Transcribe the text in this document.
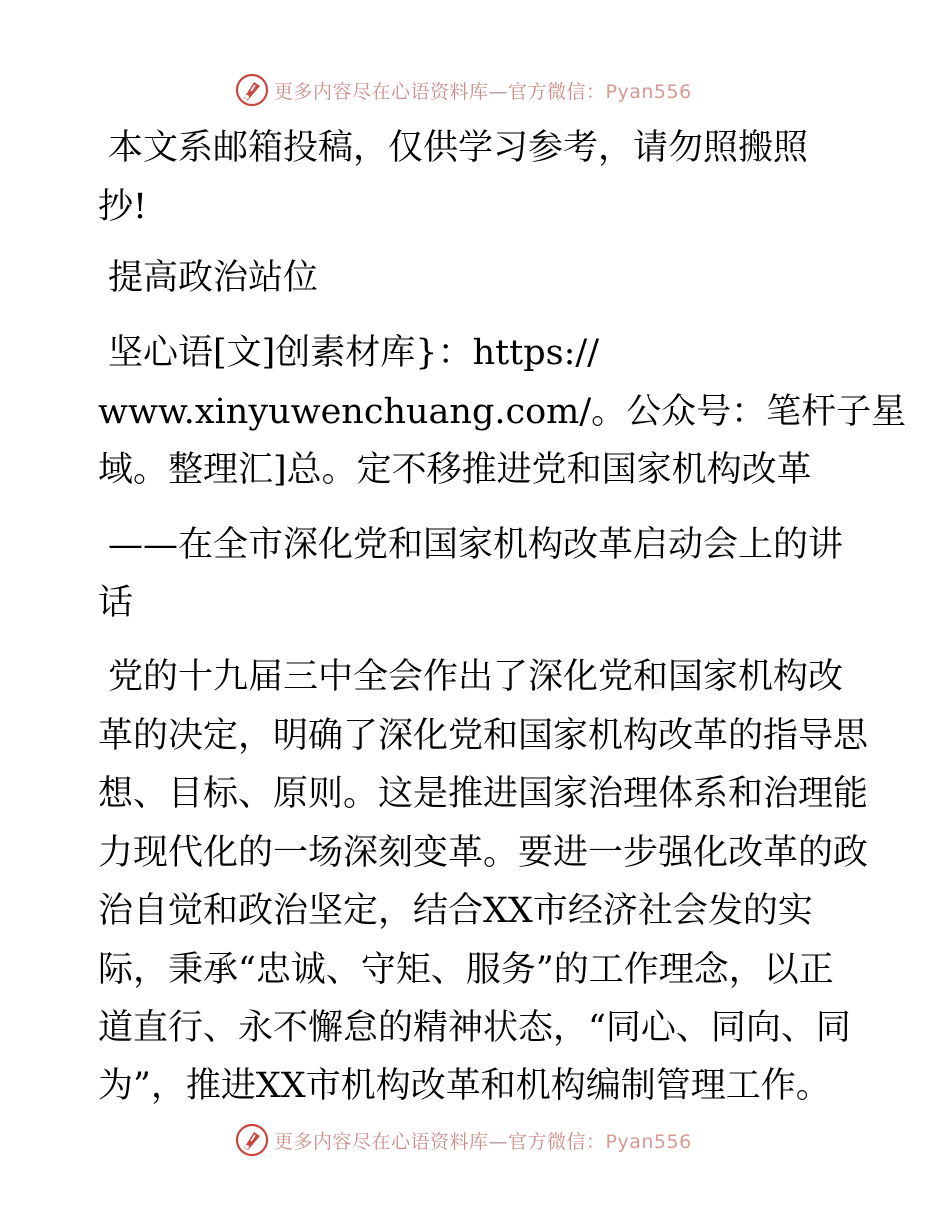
更多内容尽在心语资料库—官方微信：Pyan556
本文系邮箱投稿，仅供学习参考，请勿照搬照
抄!
提高政治站位
坚心语[文]创素材库}：https://
www.xinyuwenchuang.com/。公众号：笔杆子星
域。整理汇]总。定不移推进党和国家机构改革
——在全市深化党和国家机构改革启动会上的讲
话
党的十九届三中全会作出了深化党和国家机构改
革的决定，明确了深化党和国家机构改革的指导思
想、目标、原则。这是推进国家治理体系和治理能
力现代化的一场深刻变革。要进一步强化改革的政
治自觉和政治坚定，结合XX市经济社会发的实
际，秉承“忠诚、守矩、服务”的工作理念，以正
道直行、永不懈怠的精神状态，“同心、同向、同
为”，推进XX市机构改革和机构编制管理工作。
更多内容尽在心语资料库—官方微信：Pyan556
